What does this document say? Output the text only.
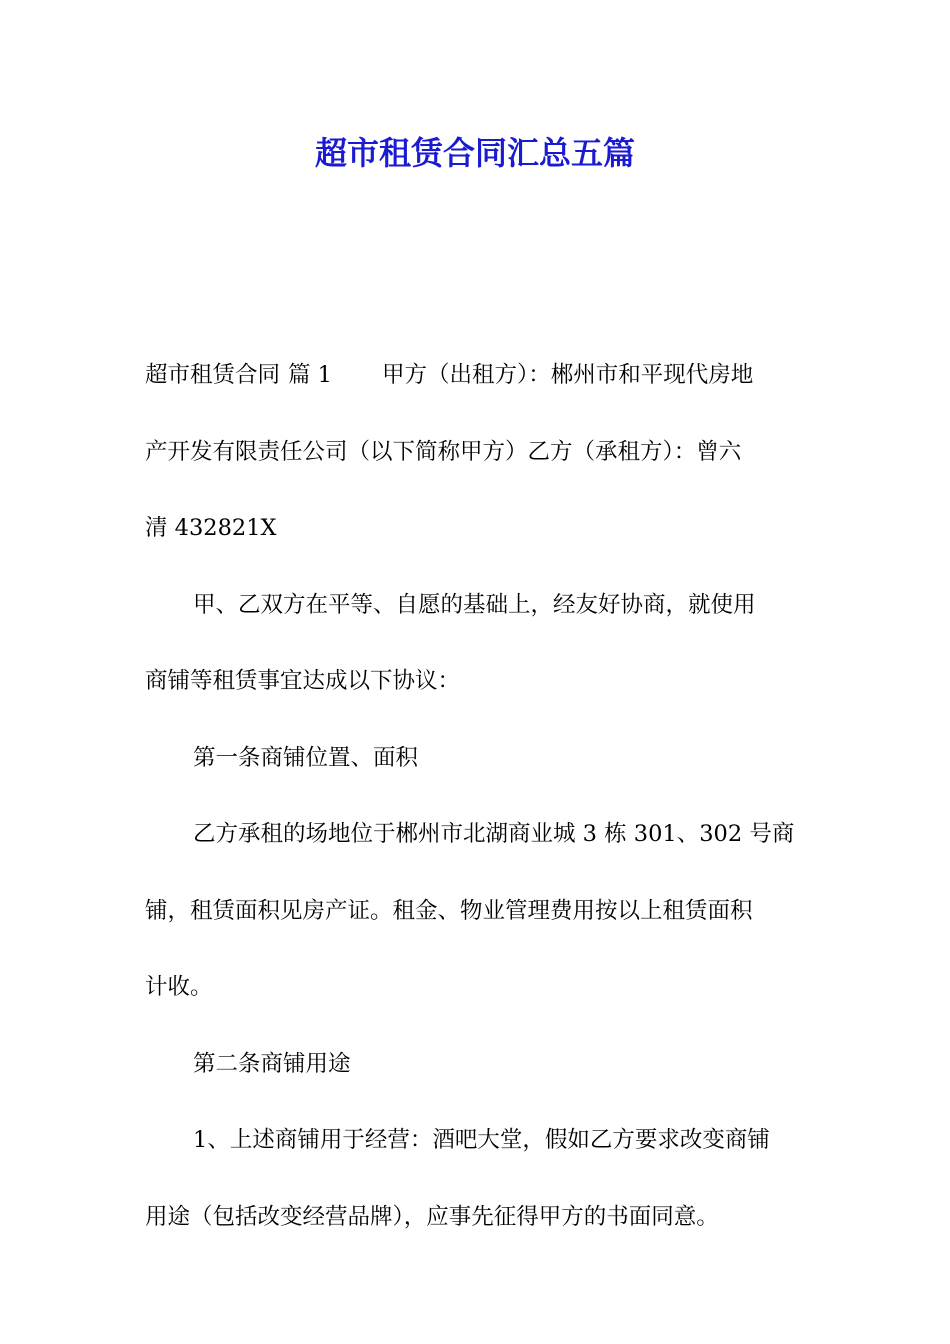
超市租赁合同汇总五篇
超市租赁合同 篇 1 甲方（出租方）：郴州市和平现代房地
产开发有限责任公司（以下简称甲方）乙方（承租方）：曾六
清 432821X
甲、乙双方在平等、自愿的基础上，经友好协商，就使用
商铺等租赁事宜达成以下协议：
第一条商铺位置、面积
乙方承租的场地位于郴州市北湖商业城 3 栋 301、302 号商
铺，租赁面积见房产证。租金、物业管理费用按以上租赁面积
计收。
第二条商铺用途
1、上述商铺用于经营：酒吧大堂，假如乙方要求改变商铺
用途（包括改变经营品牌），应事先征得甲方的书面同意。
